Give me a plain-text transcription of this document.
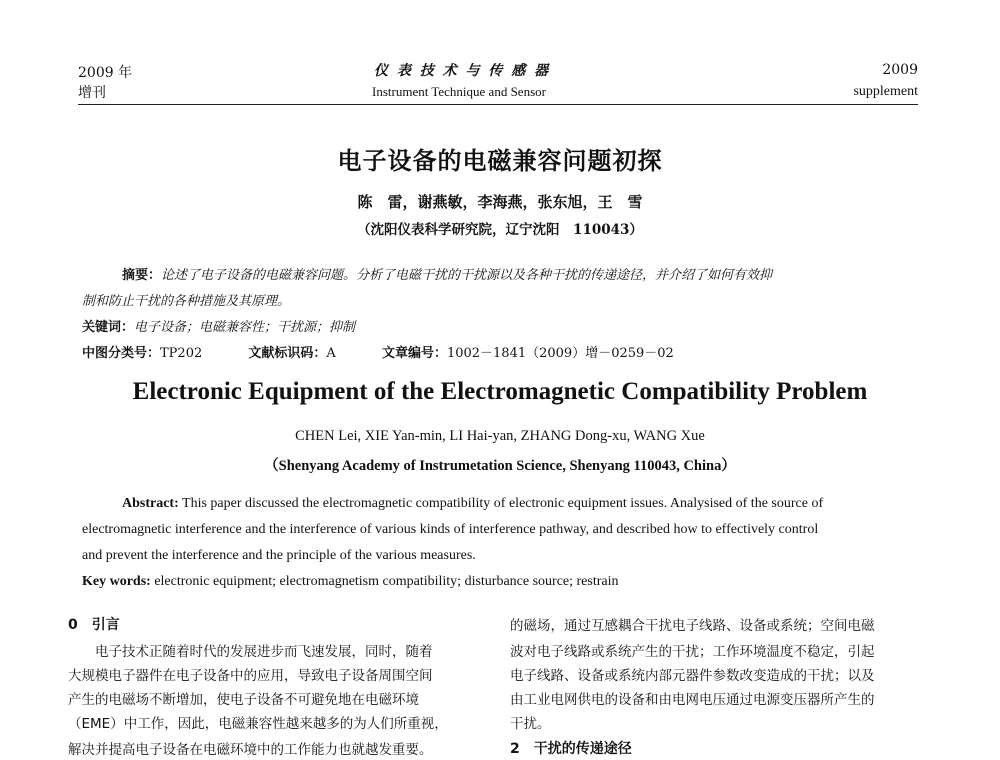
2009 年
增刊
仪 表 技 术 与 传 感 器
Instrument Technique and Sensor
2009
supplement
电子设备的电磁兼容问题初探
陈　雷，谢燕敏，李海燕，张东旭，王　雪
（沈阳仪表科学研究院，辽宁沈阳　110043）
摘要：论述了电子设备的电磁兼容问题。分析了电磁干扰的干扰源以及各种干扰的传递途径，并介绍了如何有效抑
制和防止干扰的各种措施及其原理。
关键词：电子设备；电磁兼容性；干扰源；抑制
中图分类号：TP202	文献标识码：A	文章编号：1002－1841（2009）增－0259－02
Electronic Equipment of the Electromagnetic Compatibility Problem
CHEN Lei, XIE Yan-min, LI Hai-yan, ZHANG Dong-xu, WANG Xue
（Shenyang Academy of Instrumetation Science, Shenyang 110043, China）
Abstract: This paper discussed the electromagnetic compatibility of electronic equipment issues. Analysised of the source of
electromagnetic interference and the interference of various kinds of interference pathway, and described how to effectively control
and prevent the interference and the principle of the various measures.
Key words: electronic equipment; electromagnetism compatibility; disturbance source; restrain
0　引言
　　电子技术正随着时代的发展进步而飞速发展，同时，随着
大规模电子器件在电子设备中的应用，导致电子设备周围空间
产生的电磁场不断增加，使电子设备不可避免地在电磁环境
（EME）中工作，因此，电磁兼容性越来越多的为人们所重视，
解决并提高电子设备在电磁环境中的工作能力也就越发重要。
的磁场，通过互感耦合干扰电子线路、设备或系统；空间电磁
波对电子线路或系统产生的干扰；工作环境温度不稳定，引起
电子线路、设备或系统内部元器件参数改变造成的干扰；以及
由工业电网供电的设备和由电网电压通过电源变压器所产生的
干扰。
2　干扰的传递途径
